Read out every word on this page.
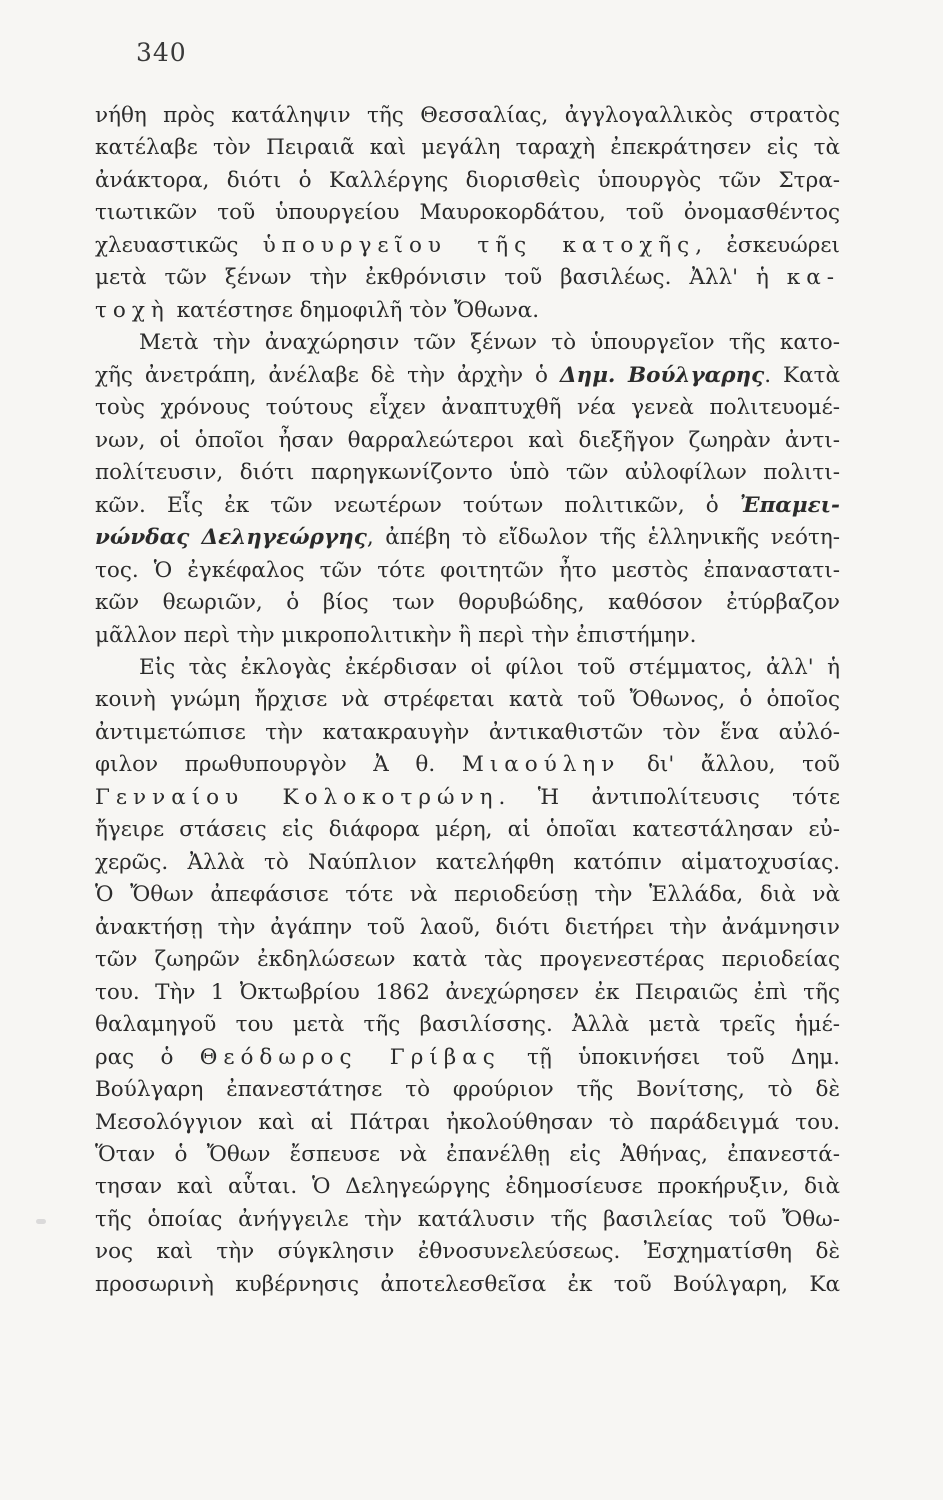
340
νήθη πρὸς κατάληψιν τῆς Θεσσαλίας, ἀγγλογαλλικὸς στρατὸς
κατέλαβε τὸν Πειραιᾶ καὶ μεγάλη ταραχὴ ἐπεκράτησεν εἰς τὰ
ἀνάκτορα, διότι ὁ Καλλέργης διορισθεὶς ὑπουργὸς τῶν Στρα-
τιωτικῶν τοῦ ὑπουργείου Μαυροκορδάτου, τοῦ ὀνομασθέντος
χλευαστικῶς ὑπουργεῖου τῆς κατοχῆς, ἐσκευώρει
μετὰ τῶν ξένων τὴν ἐκθρόνισιν τοῦ βασιλέως. Ἀλλ' ἡ κα-
τοχὴ κατέστησε δημοφιλῆ τὸν Ὄθωνα.
Μετὰ τὴν ἀναχώρησιν τῶν ξένων τὸ ὑπουργεῖον τῆς κατο-
χῆς ἀνετράπη, ἀνέλαβε δὲ τὴν ἀρχὴν ὁ Δημ. Βούλγαρης. Κατὰ
τοὺς χρόνους τούτους εἶχεν ἀναπτυχθῆ νέα γενεὰ πολιτευομέ-
νων, οἱ ὁποῖοι ἦσαν θαρραλεώτεροι καὶ διεξῆγον ζωηρὰν ἀντι-
πολίτευσιν, διότι παρηγκωνίζοντο ὑπὸ τῶν αὐλοφίλων πολιτι-
κῶν. Εἷς ἐκ τῶν νεωτέρων τούτων πολιτικῶν, ὁ Ἐπαμει-
νώνδας Δεληγεώργης, ἀπέβη τὸ εἴδωλον τῆς ἑλληνικῆς νεότη-
τος. Ὁ ἐγκέφαλος τῶν τότε φοιτητῶν ἦτο μεστὸς ἐπαναστατι-
κῶν θεωριῶν, ὁ βίος των θορυβώδης, καθόσον ἐτύρβαζον
μᾶλλον περὶ τὴν μικροπολιτικὴν ἢ περὶ τὴν ἐπιστήμην.
Εἰς τὰς ἐκλογὰς ἐκέρδισαν οἱ φίλοι τοῦ στέμματος, ἀλλ' ἡ
κοινὴ γνώμη ἤρχισε νὰ στρέφεται κατὰ τοῦ Ὄθωνος, ὁ ὁποῖος
ἀντιμετώπισε τὴν κατακραυγὴν ἀντικαθιστῶν τὸν ἕνα αὐλό-
φιλον πρωθυπουργὸν Ἀ θ. Μιαούλην δι' ἄλλου, τοῦ
Γενναίου Κολοκοτρώνη. Ἡ ἀντιπολίτευσις τότε
ἤγειρε στάσεις εἰς διάφορα μέρη, αἱ ὁποῖαι κατεστάλησαν εὐ-
χερῶς. Ἀλλὰ τὸ Ναύπλιον κατελήφθη κατόπιν αἱματοχυσίας.
Ὁ Ὄθων ἀπεφάσισε τότε νὰ περιοδεύσῃ τὴν Ἑλλάδα, διὰ νὰ
ἀνακτήσῃ τὴν ἀγάπην τοῦ λαοῦ, διότι διετήρει τὴν ἀνάμνησιν
τῶν ζωηρῶν ἐκδηλώσεων κατὰ τὰς προγενεστέρας περιοδείας
του. Τὴν 1 Ὀκτωβρίου 1862 ἀνεχώρησεν ἐκ Πειραιῶς ἐπὶ τῆς
θαλαμηγοῦ του μετὰ τῆς βασιλίσσης. Ἀλλὰ μετὰ τρεῖς ἡμέ-
ρας ὁ Θεόδωρος Γρίβας τῇ ὑποκινήσει τοῦ Δημ.
Βούλγαρη ἐπανεστάτησε τὸ φρούριον τῆς Βονίτσης, τὸ δὲ
Μεσολόγγιον καὶ αἱ Πάτραι ἠκολούθησαν τὸ παράδειγμά του.
Ὅταν ὁ Ὄθων ἔσπευσε νὰ ἐπανέλθῃ εἰς Ἀθήνας, ἐπανεστά-
τησαν καὶ αὗται. Ὁ Δεληγεώργης ἐδημοσίευσε προκήρυξιν, διὰ
τῆς ὁποίας ἀνήγγειλε τὴν κατάλυσιν τῆς βασιλείας τοῦ Ὄθω-
νος καὶ τὴν σύγκλησιν ἐθνοσυνελεύσεως. Ἐσχηματίσθη δὲ
προσωρινὴ κυβέρνησις ἀποτελεσθεῖσα ἐκ τοῦ Βούλγαρη, Κα
